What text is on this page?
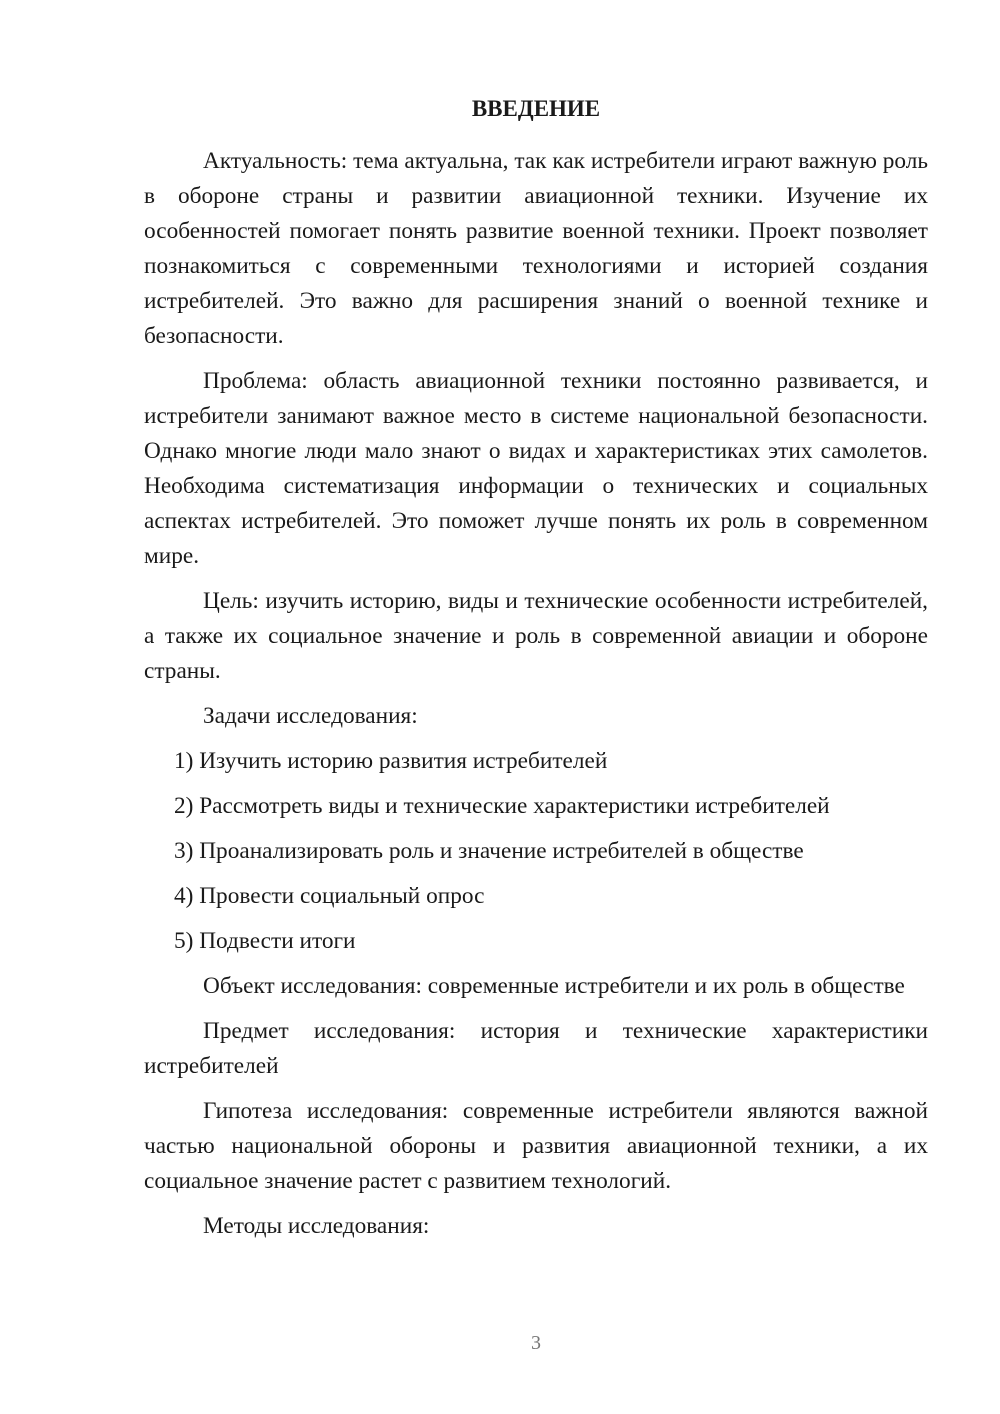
ВВЕДЕНИЕ

Актуальность: тема актуальна, так как истребители играют важную роль в обороне страны и развитии авиационной техники. Изучение их особенностей помогает понять развитие военной техники. Проект позволяет познакомиться с современными технологиями и историей создания истребителей. Это важно для расширения знаний о военной технике и безопасности.

Проблема: область авиационной техники постоянно развивается, и истребители занимают важное место в системе национальной безопасности. Однако многие люди мало знают о видах и характеристиках этих самолетов. Необходима систематизация информации о технических и социальных аспектах истребителей. Это поможет лучше понять их роль в современном мире.

Цель: изучить историю, виды и технические особенности истребителей, а также их социальное значение и роль в современной авиации и обороне страны.

Задачи исследования:

1) Изучить историю развития истребителей
2) Рассмотреть виды и технические характеристики истребителей
3) Проанализировать роль и значение истребителей в обществе
4) Провести социальный опрос
5) Подвести итоги

Объект исследования: современные истребители и их роль в обществе

Предмет исследования: история и технические характеристики истребителей

Гипотеза исследования: современные истребители являются важной частью национальной обороны и развития авиационной техники, а их социальное значение растет с развитием технологий.

Методы исследования:

3
